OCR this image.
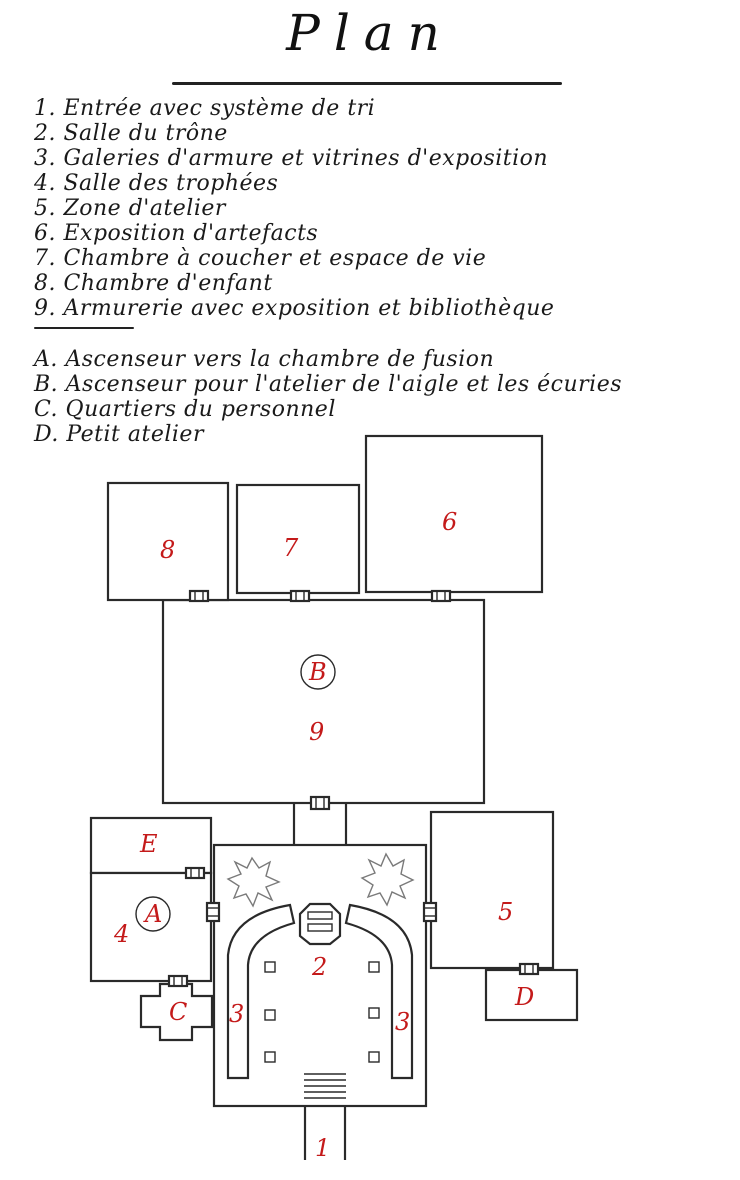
Plan
1. Entrée avec système de tri
2. Salle du trône
3. Galeries d'armure et vitrines d'exposition
4. Salle des trophées
5. Zone d'atelier
6. Exposition d'artefacts
7. Chambre à coucher et espace de vie
8. Chambre d'enfant
9. Armurerie avec exposition et bibliothèque
A. Ascenseur vers la chambre de fusion
B. Ascenseur pour l'atelier de l'aigle et les écuries
C. Quartiers du personnel
D. Petit atelier
8	7
6
B
9
E
A
4
5
2
D
C 3	3
1
